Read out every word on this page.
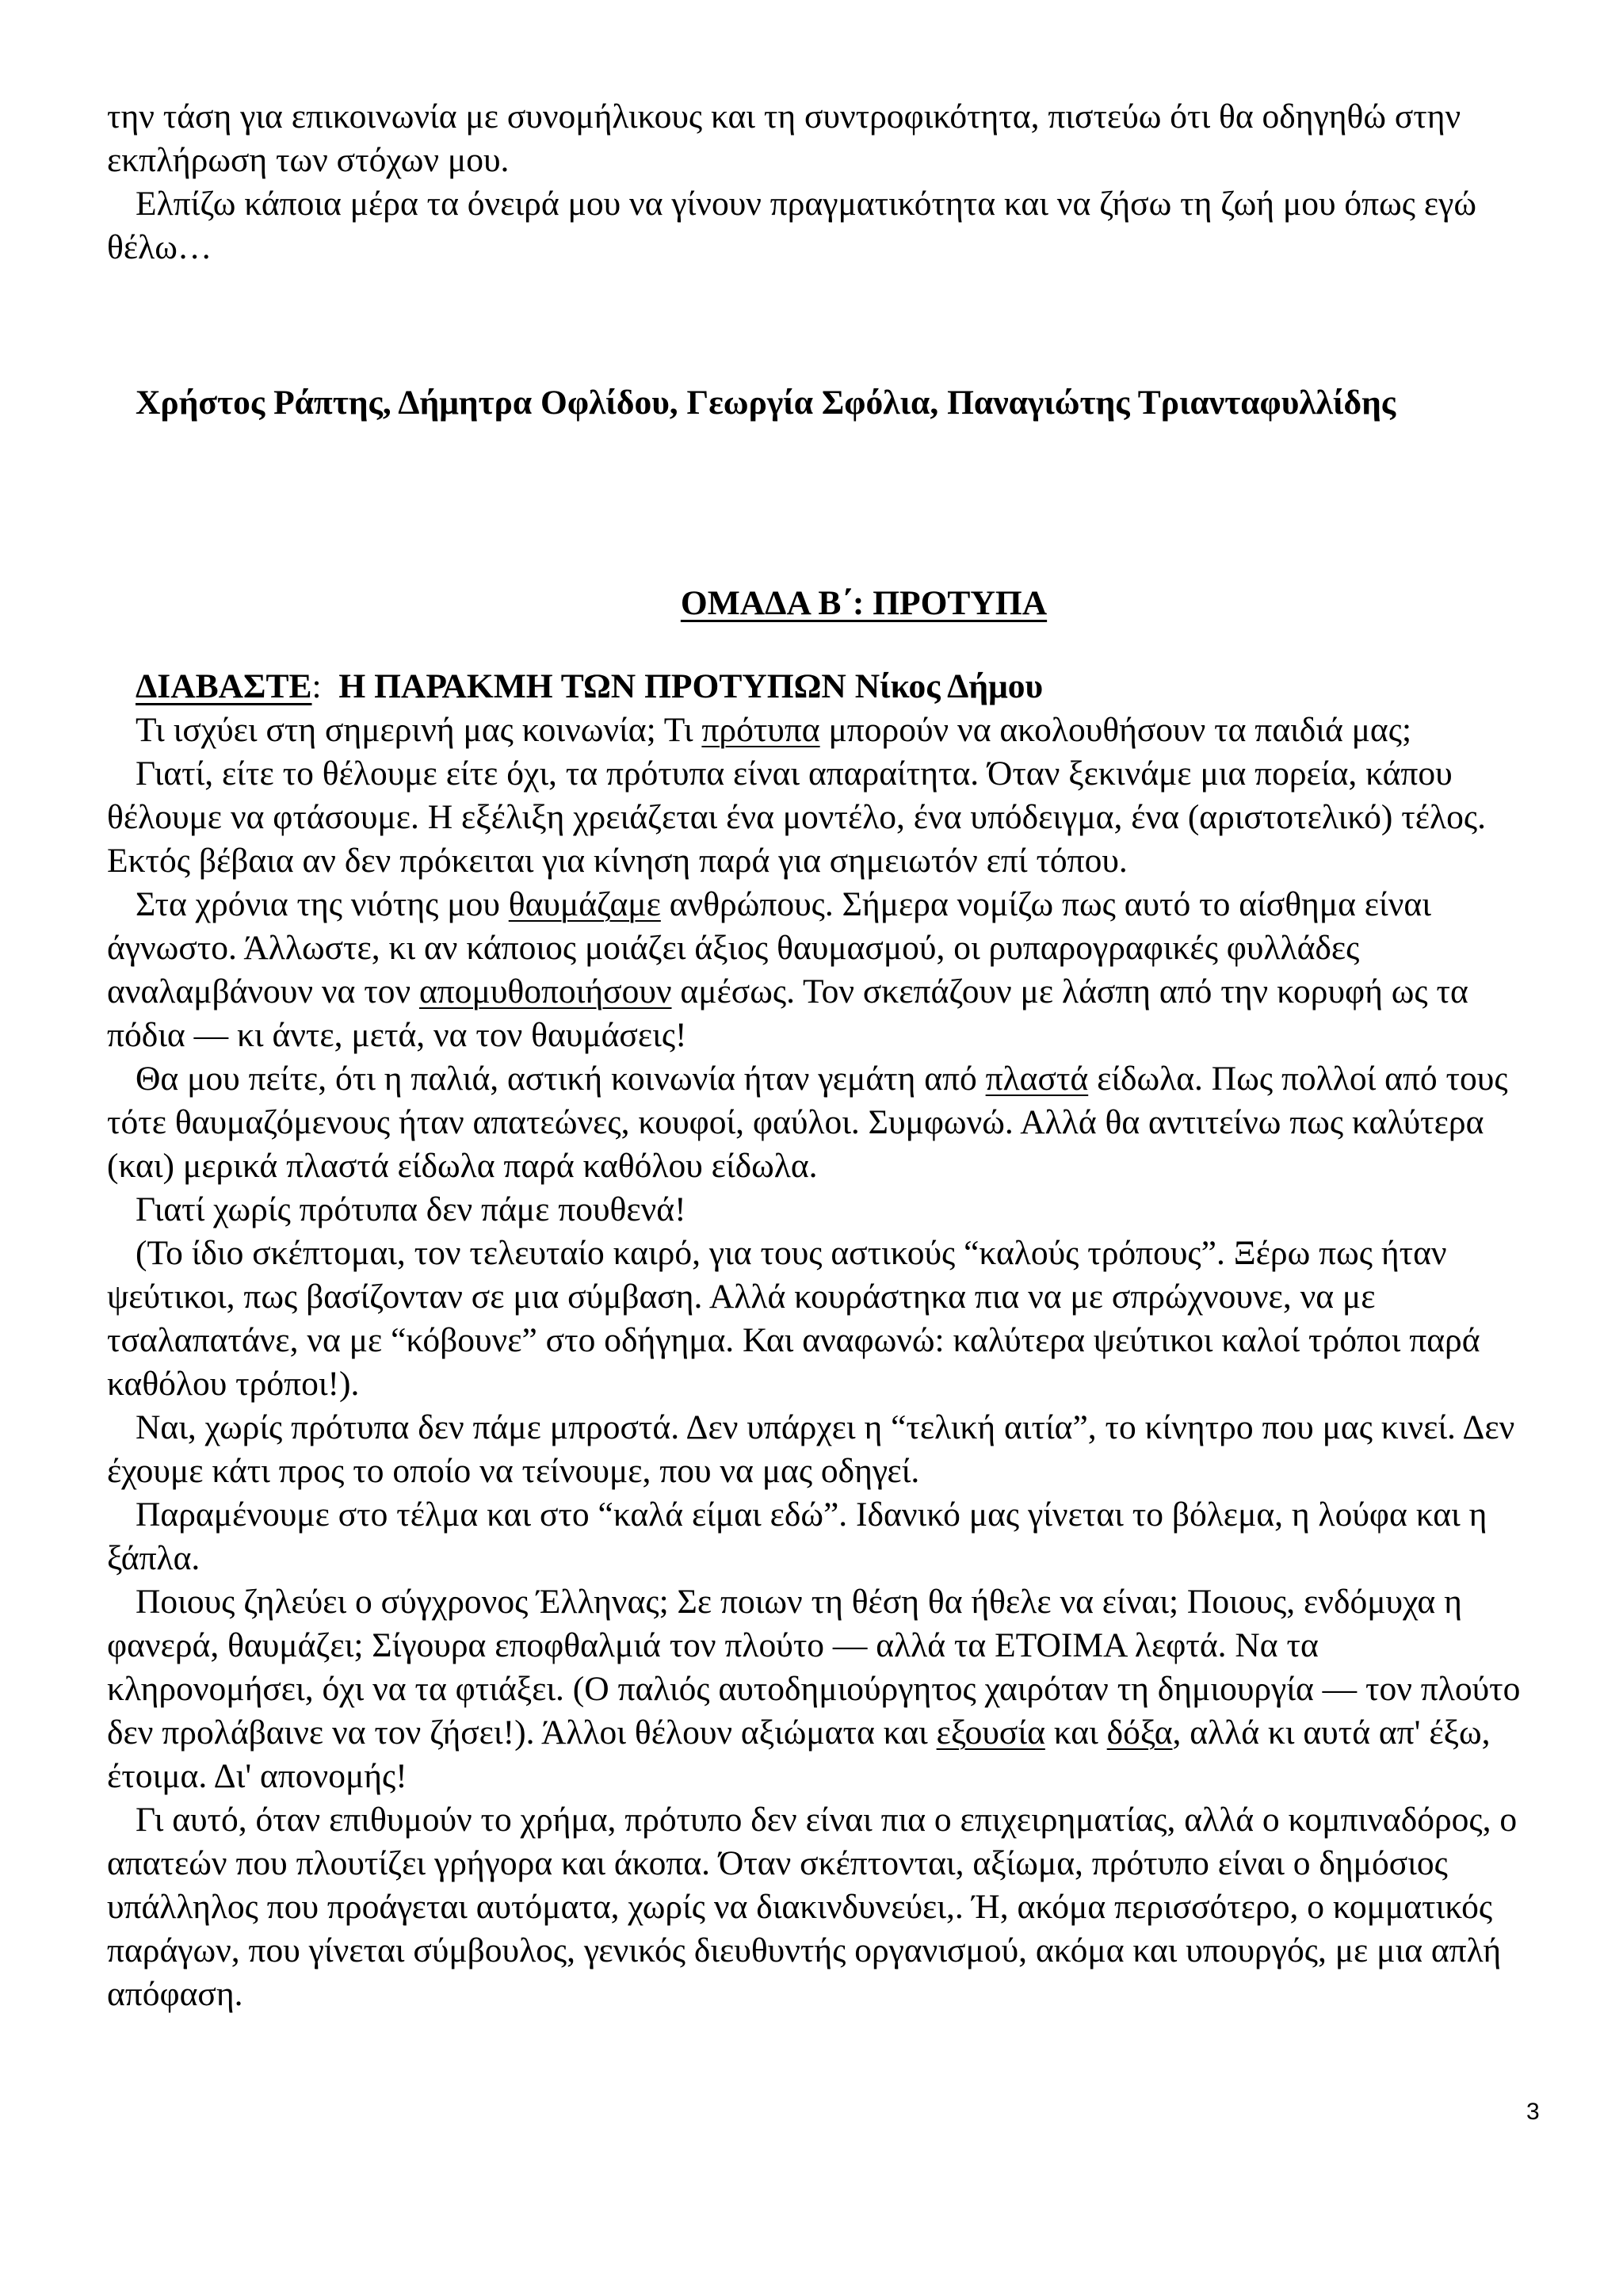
την τάση για επικοινωνία με συνομήλικους και τη συντροφικότητα, πιστεύω ότι θα οδηγηθώ στην εκπλήρωση των στόχων μου.

Ελπίζω κάποια μέρα τα όνειρά μου να γίνουν πραγματικότητα και να ζήσω τη ζωή μου όπως εγώ θέλω…

Χρήστος Ράπτης, Δήμητρα Οφλίδου, Γεωργία Σφόλια, Παναγιώτης Τριανταφυλλίδης

ΟΜΑΔΑ Β΄: ΠΡΟΤΥΠΑ

ΔΙΑΒΑΣΤΕ: Η ΠΑΡΑΚΜΗ ΤΩΝ ΠΡΟΤΥΠΩΝ Νίκος Δήμου

Τι ισχύει στη σημερινή μας κοινωνία; Τι πρότυπα μπορούν να ακολουθήσουν τα παιδιά μας;

Γιατί, είτε το θέλουμε είτε όχι, τα πρότυπα είναι απαραίτητα. Όταν ξεκινάμε μια πορεία, κάπου θέλουμε να φτάσουμε. Η εξέλιξη χρειάζεται ένα μοντέλο, ένα υπόδειγμα, ένα (αριστοτελικό) τέλος. Εκτός βέβαια αν δεν πρόκειται για κίνηση παρά για σημειωτόν επί τόπου.

Στα χρόνια της νιότης μου θαυμάζαμε ανθρώπους. Σήμερα νομίζω πως αυτό το αίσθημα είναι άγνωστο. Άλλωστε, κι αν κάποιος μοιάζει άξιος θαυμασμού, οι ρυπαρογραφικές φυλλάδες αναλαμβάνουν να τον απομυθοποιήσουν αμέσως. Τον σκεπάζουν με λάσπη από την κορυφή ως τα πόδια — κι άντε, μετά, να τον θαυμάσεις!

Θα μου πείτε, ότι η παλιά, αστική κοινωνία ήταν γεμάτη από πλαστά είδωλα. Πως πολλοί από τους τότε θαυμαζόμενους ήταν απατεώνες, κουφοί, φαύλοι. Συμφωνώ. Αλλά θα αντιτείνω πως καλύτερα (και) μερικά πλαστά είδωλα παρά καθόλου είδωλα.

Γιατί χωρίς πρότυπα δεν πάμε πουθενά!

(Το ίδιο σκέπτομαι, τον τελευταίο καιρό, για τους αστικούς “καλούς τρόπους”. Ξέρω πως ήταν ψεύτικοι, πως βασίζονταν σε μια σύμβαση. Αλλά κουράστηκα πια να με σπρώχνουνε, να με τσαλαπατάνε, να με “κόβουνε” στο οδήγημα. Και αναφωνώ: καλύτερα ψεύτικοι καλοί τρόποι παρά καθόλου τρόποι!).

Ναι, χωρίς πρότυπα δεν πάμε μπροστά. Δεν υπάρχει η “τελική αιτία”, το κίνητρο που μας κινεί. Δεν έχουμε κάτι προς το οποίο να τείνουμε, που να μας οδηγεί.

Παραμένουμε στο τέλμα και στο “καλά είμαι εδώ”. Ιδανικό μας γίνεται το βόλεμα, η λούφα και η ξάπλα.

Ποιους ζηλεύει ο σύγχρονος Έλληνας; Σε ποιων τη θέση θα ήθελε να είναι; Ποιους, ενδόμυχα η φανερά, θαυμάζει; Σίγουρα εποφθαλμιά τον πλούτο — αλλά τα ΕΤΟΙΜΑ λεφτά. Να τα κληρονομήσει, όχι να τα φτιάξει. (Ο παλιός αυτοδημιούργητος χαιρόταν τη δημιουργία — τον πλούτο δεν προλάβαινε να τον ζήσει!). Άλλοι θέλουν αξιώματα και εξουσία και δόξα, αλλά κι αυτά απ' έξω, έτοιμα. Δι' απονομής!

Γι αυτό, όταν επιθυμούν το χρήμα, πρότυπο δεν είναι πια ο επιχειρηματίας, αλλά ο κομπιναδόρος, ο απατεών που πλουτίζει γρήγορα και άκοπα. Όταν σκέπτονται, αξίωμα, πρότυπο είναι ο δημόσιος υπάλληλος που προάγεται αυτόματα, χωρίς να διακινδυνεύει,. Ή, ακόμα περισσότερο, ο κομματικός παράγων, που γίνεται σύμβουλος, γενικός διευθυντής οργανισμού, ακόμα και υπουργός, με μια απλή απόφαση.

3
